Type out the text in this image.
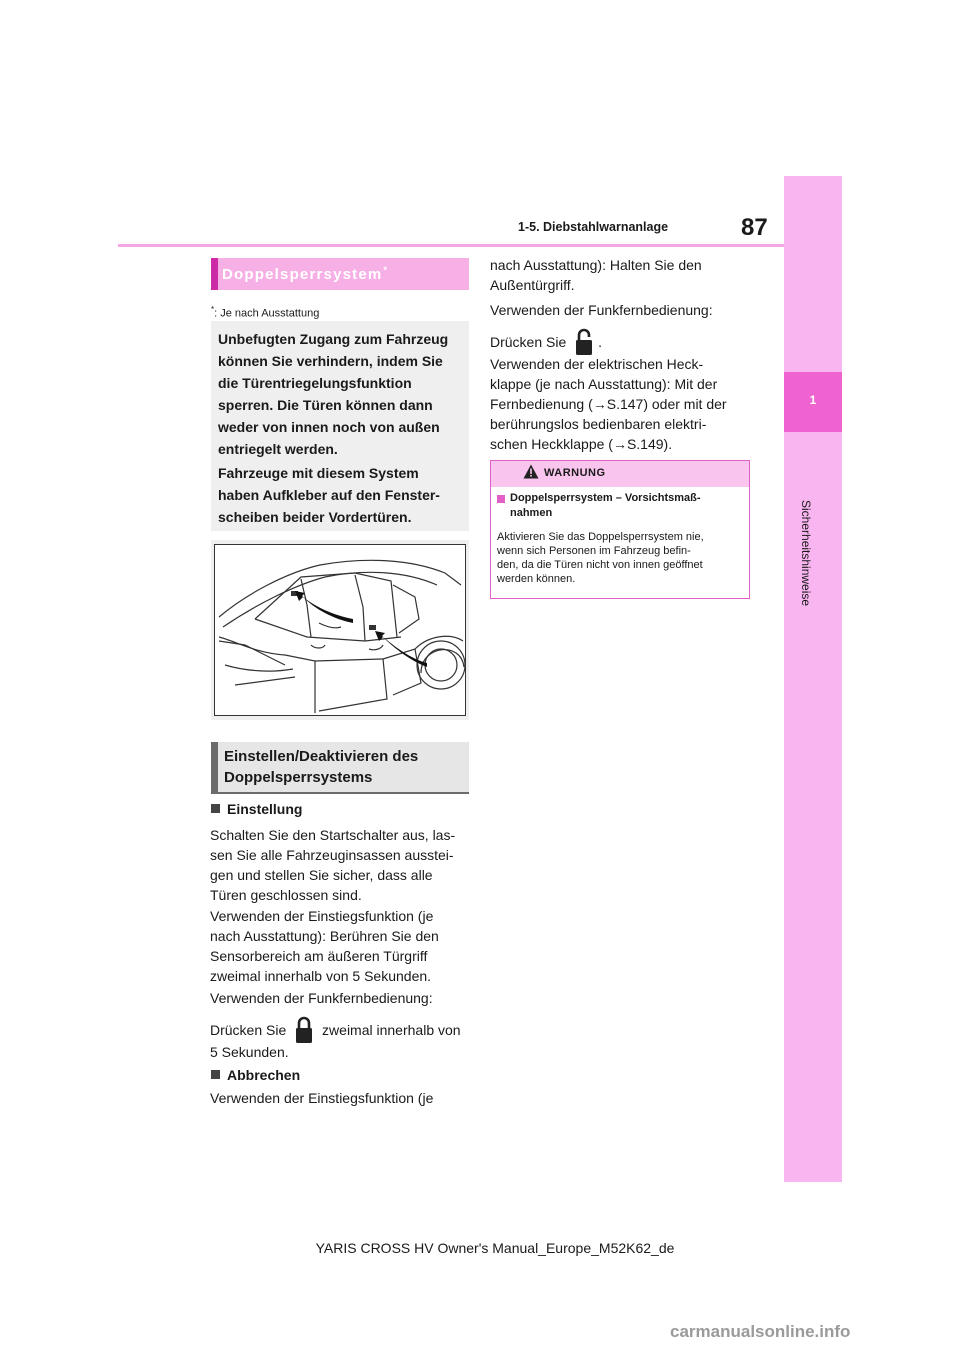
1-5. Diebstahlwarnanlage	87
1
Sicherheitshinweise
Doppelsperrsystem*
*: Je nach Ausstattung
Unbefugten Zugang zum Fahrzeug
können Sie verhindern, indem Sie
die Türentriegelungsfunktion
sperren. Die Türen können dann
weder von innen noch von außen
entriegelt werden.
Fahrzeuge mit diesem System
haben Aufkleber auf den Fenster-
scheiben beider Vordertüren.
Einstellen/Deaktivieren des
Doppelsperrsystems
Einstellung
Schalten Sie den Startschalter aus, las-
sen Sie alle Fahrzeuginsassen ausstei-
gen und stellen Sie sicher, dass alle
Türen geschlossen sind.
Verwenden der Einstiegsfunktion (je
nach Ausstattung): Berühren Sie den
Sensorbereich am äußeren Türgriff
zweimal innerhalb von 5 Sekunden.
Verwenden der Funkfernbedienung:
Drücken Sie	zweimal innerhalb von
5 Sekunden.
Abbrechen
Verwenden der Einstiegsfunktion (je
nach Ausstattung): Halten Sie den
Außentürgriff.
Verwenden der Funkfernbedienung:
Drücken Sie .
Verwenden der elektrischen Heck-
klappe (je nach Ausstattung): Mit der
Fernbedienung (→S.147) oder mit der
berührungslos bedienbaren elektri-
schen Heckklappe (→S.149).
WARNUNG
Doppelsperrsystem – Vorsichtsmaß-
nahmen
Aktivieren Sie das Doppelsperrsystem nie,
wenn sich Personen im Fahrzeug befin-
den, da die Türen nicht von innen geöffnet
werden können.
YARIS CROSS HV Owner's Manual_Europe_M52K62_de
carmanualsonline.info
